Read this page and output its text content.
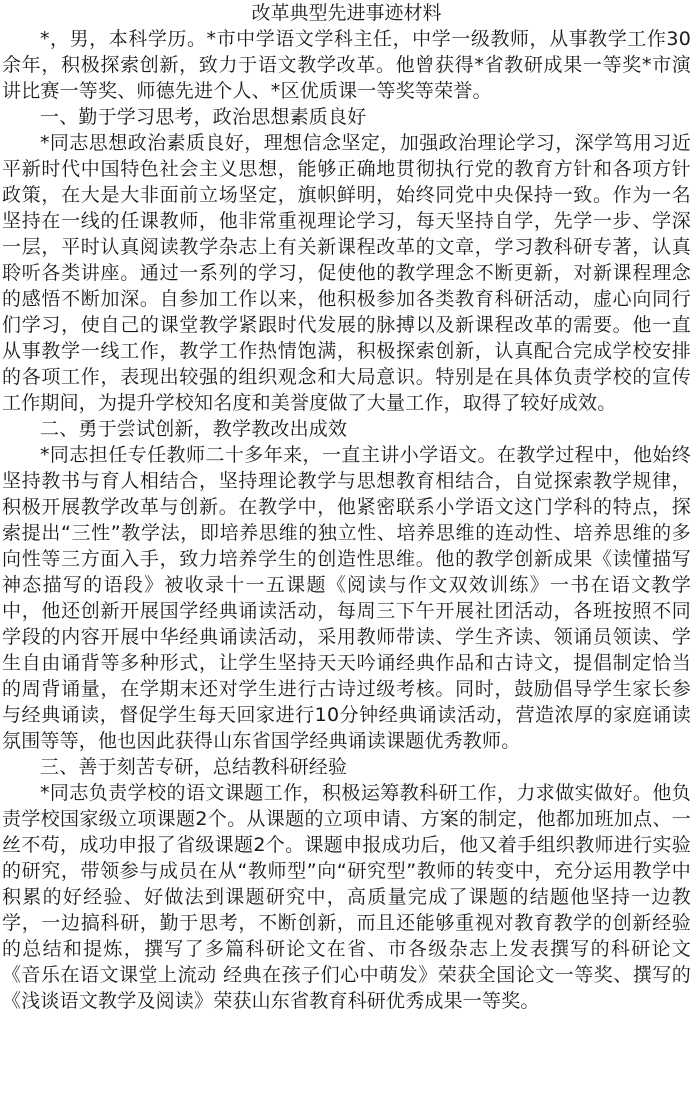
改革典型先进事迹材料

*，男，本科学历。*市中学语文学科主任，中学一级教师，从事教学工作30余年，积极探索创新，致力于语文教学改革。他曾获得*省教研成果一等奖*市演讲比赛一等奖、师德先进个人、*区优质课一等奖等荣誉。

一、勤于学习思考，政治思想素质良好

*同志思想政治素质良好，理想信念坚定，加强政治理论学习，深学笃用习近平新时代中国特色社会主义思想，能够正确地贯彻执行党的教育方针和各项方针政策，在大是大非面前立场坚定，旗帜鲜明，始终同党中央保持一致。作为一名坚持在一线的任课教师，他非常重视理论学习，每天坚持自学，先学一步、学深一层，平时认真阅读教学杂志上有关新课程改革的文章，学习教科研专著，认真聆听各类讲座。通过一系列的学习，促使他的教学理念不断更新，对新课程理念的感悟不断加深。自参加工作以来，他积极参加各类教育科研活动，虚心向同行们学习，使自己的课堂教学紧跟时代发展的脉搏以及新课程改革的需要。他一直从事教学一线工作，教学工作热情饱满，积极探索创新，认真配合完成学校安排的各项工作，表现出较强的组织观念和大局意识。特别是在具体负责学校的宣传工作期间，为提升学校知名度和美誉度做了大量工作，取得了较好成效。

二、勇于尝试创新，教学教改出成效

*同志担任专任教师二十多年来，一直主讲小学语文。在教学过程中，他始终坚持教书与育人相结合，坚持理论教学与思想教育相结合，自觉探索教学规律，积极开展教学改革与创新。在教学中，他紧密联系小学语文这门学科的特点，探索提出“三性”教学法，即培养思维的独立性、培养思维的连动性、培养思维的多向性等三方面入手，致力培养学生的创造性思维。他的教学创新成果《读懂描写神态描写的语段》被收录十一五课题《阅读与作文双效训练》一书在语文教学中，他还创新开展国学经典诵读活动，每周三下午开展社团活动，各班按照不同学段的内容开展中华经典诵读活动，采用教师带读、学生齐读、领诵员领读、学生自由诵背等多种形式，让学生坚持天天吟诵经典作品和古诗文，提倡制定恰当的周背诵量，在学期末还对学生进行古诗过级考核。同时，鼓励倡导学生家长参与经典诵读，督促学生每天回家进行10分钟经典诵读活动，营造浓厚的家庭诵读氛围等等，他也因此获得山东省国学经典诵读课题优秀教师。

三、善于刻苦专研，总结教科研经验

*同志负责学校的语文课题工作，积极运筹教科研工作，力求做实做好。他负责学校国家级立项课题2个。从课题的立项申请、方案的制定，他都加班加点、一丝不苟，成功申报了省级课题2个。课题申报成功后，他又着手组织教师进行实验的研究，带领参与成员在从“教师型”向“研究型”教师的转变中，充分运用教学中积累的好经验、好做法到课题研究中，高质量完成了课题的结题他坚持一边教学，一边搞科研，勤于思考，不断创新，而且还能够重视对教育教学的创新经验的总结和提炼，撰写了多篇科研论文在省、市各级杂志上发表撰写的科研论文《音乐在语文课堂上流动 经典在孩子们心中萌发》荣获全国论文一等奖、撰写的《浅谈语文教学及阅读》荣获山东省教育科研优秀成果一等奖。
